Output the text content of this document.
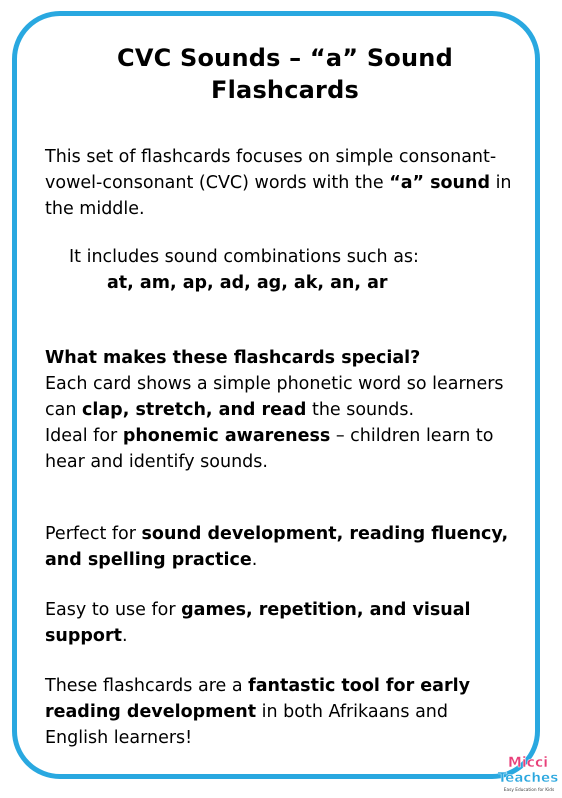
CVC Sounds – “a” Sound
Flashcards

This set of flashcards focuses on simple consonant-vowel-consonant (CVC) words with the “a” sound in the middle.

It includes sound combinations such as:
at, am, ap, ad, ag, ak, an, ar

What makes these flashcards special?
Each card shows a simple phonetic word so learners can clap, stretch, and read the sounds.
Ideal for phonemic awareness – children learn to hear and identify sounds.

Perfect for sound development, reading fluency, and spelling practice.

Easy to use for games, repetition, and visual support.

These flashcards are a fantastic tool for early reading development in both Afrikaans and English learners!

Micci
Teaches
Easy Education for Kids
